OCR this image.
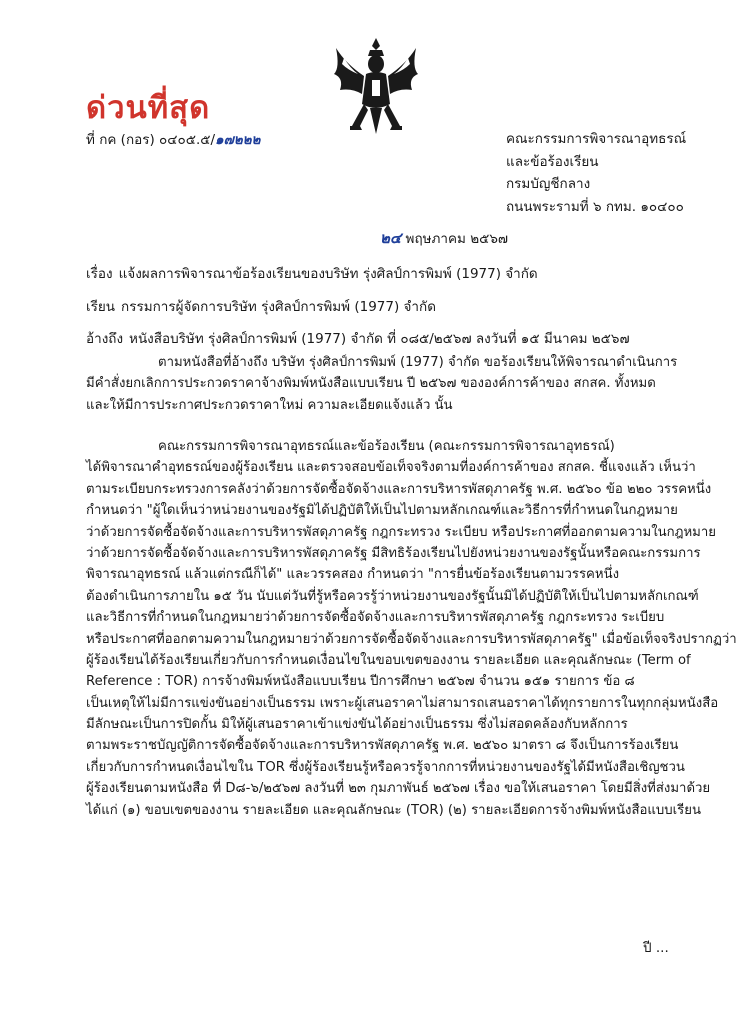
ด่วนที่สุด
ที่ กค (กอร) ๐๔๐๕.๕/๑๗๒๒๒	คณะกรรมการพิจารณาอุทธรณ์
และข้อร้องเรียน
กรมบัญชีกลาง
ถนนพระรามที่ ๖ กทม. ๑๐๔๐๐
๒๔ พฤษภาคม ๒๕๖๗
เรื่อง แจ้งผลการพิจารณาข้อร้องเรียนของบริษัท รุ่งศิลป์การพิมพ์ (1977) จำกัด
เรียน กรรมการผู้จัดการบริษัท รุ่งศิลป์การพิมพ์ (1977) จำกัด
อ้างถึง หนังสือบริษัท รุ่งศิลป์การพิมพ์ (1977) จำกัด ที่ ๐๘๕/๒๕๖๗ ลงวันที่ ๑๕ มีนาคม ๒๕๖๗
ตามหนังสือที่อ้างถึง บริษัท รุ่งศิลป์การพิมพ์ (1977) จำกัด ขอร้องเรียนให้พิจารณาดำเนินการ
มีคำสั่งยกเลิกการประกวดราคาจ้างพิมพ์หนังสือแบบเรียน ปี ๒๕๖๗ ขององค์การค้าของ สกสค. ทั้งหมด
และให้มีการประกาศประกวดราคาใหม่ ความละเอียดแจ้งแล้ว นั้น
คณะกรรมการพิจารณาอุทธรณ์และข้อร้องเรียน (คณะกรรมการพิจารณาอุทธรณ์)
ได้พิจารณาคำอุทธรณ์ของผู้ร้องเรียน และตรวจสอบข้อเท็จจริงตามที่องค์การค้าของ สกสค. ชี้แจงแล้ว เห็นว่า
ตามระเบียบกระทรวงการคลังว่าด้วยการจัดซื้อจัดจ้างและการบริหารพัสดุภาครัฐ พ.ศ. ๒๕๖๐ ข้อ ๒๒๐ วรรคหนึ่ง
กำหนดว่า "ผู้ใดเห็นว่าหน่วยงานของรัฐมิได้ปฏิบัติให้เป็นไปตามหลักเกณฑ์และวิธีการที่กำหนดในกฎหมาย
ว่าด้วยการจัดซื้อจัดจ้างและการบริหารพัสดุภาครัฐ กฎกระทรวง ระเบียบ หรือประกาศที่ออกตามความในกฎหมาย
ว่าด้วยการจัดซื้อจัดจ้างและการบริหารพัสดุภาครัฐ มีสิทธิร้องเรียนไปยังหน่วยงานของรัฐนั้นหรือคณะกรรมการ
พิจารณาอุทธรณ์ แล้วแต่กรณีก็ได้" และวรรคสอง กำหนดว่า "การยื่นข้อร้องเรียนตามวรรคหนึ่ง
ต้องดำเนินการภายใน ๑๕ วัน นับแต่วันที่รู้หรือควรรู้ว่าหน่วยงานของรัฐนั้นมิได้ปฏิบัติให้เป็นไปตามหลักเกณฑ์
และวิธีการที่กำหนดในกฎหมายว่าด้วยการจัดซื้อจัดจ้างและการบริหารพัสดุภาครัฐ กฎกระทรวง ระเบียบ
หรือประกาศที่ออกตามความในกฎหมายว่าด้วยการจัดซื้อจัดจ้างและการบริหารพัสดุภาครัฐ" เมื่อข้อเท็จจริงปรากฏว่า
ผู้ร้องเรียนได้ร้องเรียนเกี่ยวกับการกำหนดเงื่อนไขในขอบเขตของงาน รายละเอียด และคุณลักษณะ (Term of
Reference : TOR) การจ้างพิมพ์หนังสือแบบเรียน ปีการศึกษา ๒๕๖๗ จำนวน ๑๕๑ รายการ ข้อ ๘
เป็นเหตุให้ไม่มีการแข่งขันอย่างเป็นธรรม เพราะผู้เสนอราคาไม่สามารถเสนอราคาได้ทุกรายการในทุกกลุ่มหนังสือ
มีลักษณะเป็นการปิดกั้น มิให้ผู้เสนอราคาเข้าแข่งขันได้อย่างเป็นธรรม ซึ่งไม่สอดคล้องกับหลักการ
ตามพระราชบัญญัติการจัดซื้อจัดจ้างและการบริหารพัสดุภาครัฐ พ.ศ. ๒๕๖๐ มาตรา ๘ จึงเป็นการร้องเรียน
เกี่ยวกับการกำหนดเงื่อนไขใน TOR ซึ่งผู้ร้องเรียนรู้หรือควรรู้จากการที่หน่วยงานของรัฐได้มีหนังสือเชิญชวน
ผู้ร้องเรียนตามหนังสือ ที่ D๘-๖/๒๕๖๗ ลงวันที่ ๒๓ กุมภาพันธ์ ๒๕๖๗ เรื่อง ขอให้เสนอราคา โดยมีสิ่งที่ส่งมาด้วย
ได้แก่ (๑) ขอบเขตของงาน รายละเอียด และคุณลักษณะ (TOR) (๒) รายละเอียดการจ้างพิมพ์หนังสือแบบเรียน
ปี ...
